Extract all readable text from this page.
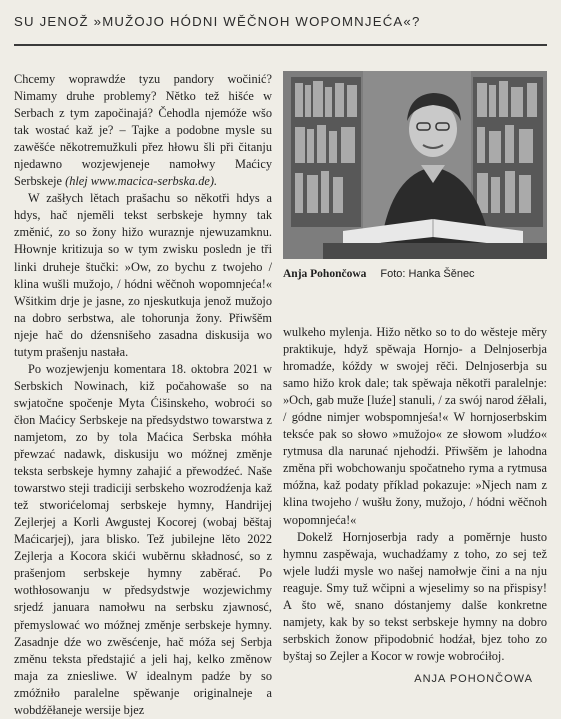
SU JENOŽ »MUŽOJO HÓDNI WĚČNOH WOPOMNJEĆA«?

Chcemy woprawdźe tyzu pandory wočinić? Nimamy druhe problemy? Nětko tež hišće w Serbach z tym započinajá? Čehodla njemóže wšo tak wostać kaž je? – Tajke a podobne mysle su zawěšće někotremužkuli přez hłowu šli při čitanju njedawno wozjewjeneje namołwy Maćicy Serbskeje (hlej www.macica-serbska.de).

W zašłych lětach prašachu so někotři hdys a hdys, hač njeměli tekst serbskeje hymny tak změnić, zo so žony hižo wuraznje njewuzamknu. Hłownje kritizuja so w tym zwisku posledn je tři linki druheje štučki: »Ow, zo bychu z twojeho / klina wušli mužojo, / hódni wěčnoh wopomnjeća!« Wšitkim drje je jasne, zo njeskutkuja jenož mužojo na dobro serbstwa, ale tohorunja žony. Přiwšěm njeje hač do dźensnišeho zasadna diskusija wo tutym prašenju nastała.

Po wozjewjenju komentara 18. oktobra 2021 w Serbskich Nowinach, kiž počahowaše so na swjatočne spočenje Myta Ćišinskeho, wobroći so čłon Maćicy Serbskeje na předsydstwo towarstwa z namjetom, zo by tola Maćica Serbska móhła přewzać nadawk, diskusiju wo móžnej změnje teksta serbskeje hymny zahajić a přewodźeć. Naše towarstwo steji tradiciji serbskeho wozrodźenja kaž tež stworićelomaj serbskeje hymny, Handrijej Zejlerjej a Korli Awgustej Kocorej (wobaj běštaj Maćicarjej), jara blisko. Tež jubilejne lěto 2022 Zejlerja a Kocora skići wuběrnu składnosć, so z prašenjom serbskeje hymny zaběrać. Po wothłosowanju w předsydstwje wozjewichmy srjedź januara namołwu na serbsku zjawnosć, přemyslować wo móžnej změnje serbskeje hymny. Zasadnje dźe wo zwěsćenje, hač móža sej Serbja změnu teksta předstajić a jeli haj, kelko změnow maja za zniesliwe. W idealnym padźe by so zmóžniło paralelne spěwanje originalneje a wobdźěłaneje wersije bjez

Anja Pohončowa Foto: Hanka Šěnec

wulkeho mylenja. Hižo nětko so to do wěsteje měry praktikuje, hdyž spěwaja Hornjo- a Delnjoserbja hromadźe, kóždy w swojej rěči. Delnjoserbja su samo hižo krok dale; tak spěwaja někotři paralelnje: »Och, gab muže [luźe] stanuli, / za swój narod źěłali, / gódne nimjer wobspomnjeśa!« W hornjoserbskim teksće pak so słowo »mužojo« ze słowom »ludźo« rytmusa dla narunać njehodźi. Přiwšěm je lahodna změna při wobchowanju spočatneho ryma a rytmusa móžna, kaž podaty příklad pokazuje: »Njech nam z klina twojeho / wušłu žony, mužojo, / hódni wěčnoh wopomnjeća!«

Dokelž Hornjoserbja rady a poměrnje husto hymnu zaspěwaja, wuchadźamy z toho, zo sej tež wjele ludźi mysle wo našej namołwje čini a na nju reaguje. Smy tuž wčipni a wjeselimy so na přispisy! A što wě, snano dóstanjemy dalše konkretne namjety, kak by so tekst serbskeje hymny na dobro serbskich žonow připodobnić hodźał, bjez toho zo byštaj so Zejler a Kocor w rowje wobroćiłoj.

ANJA POHONČOWA
